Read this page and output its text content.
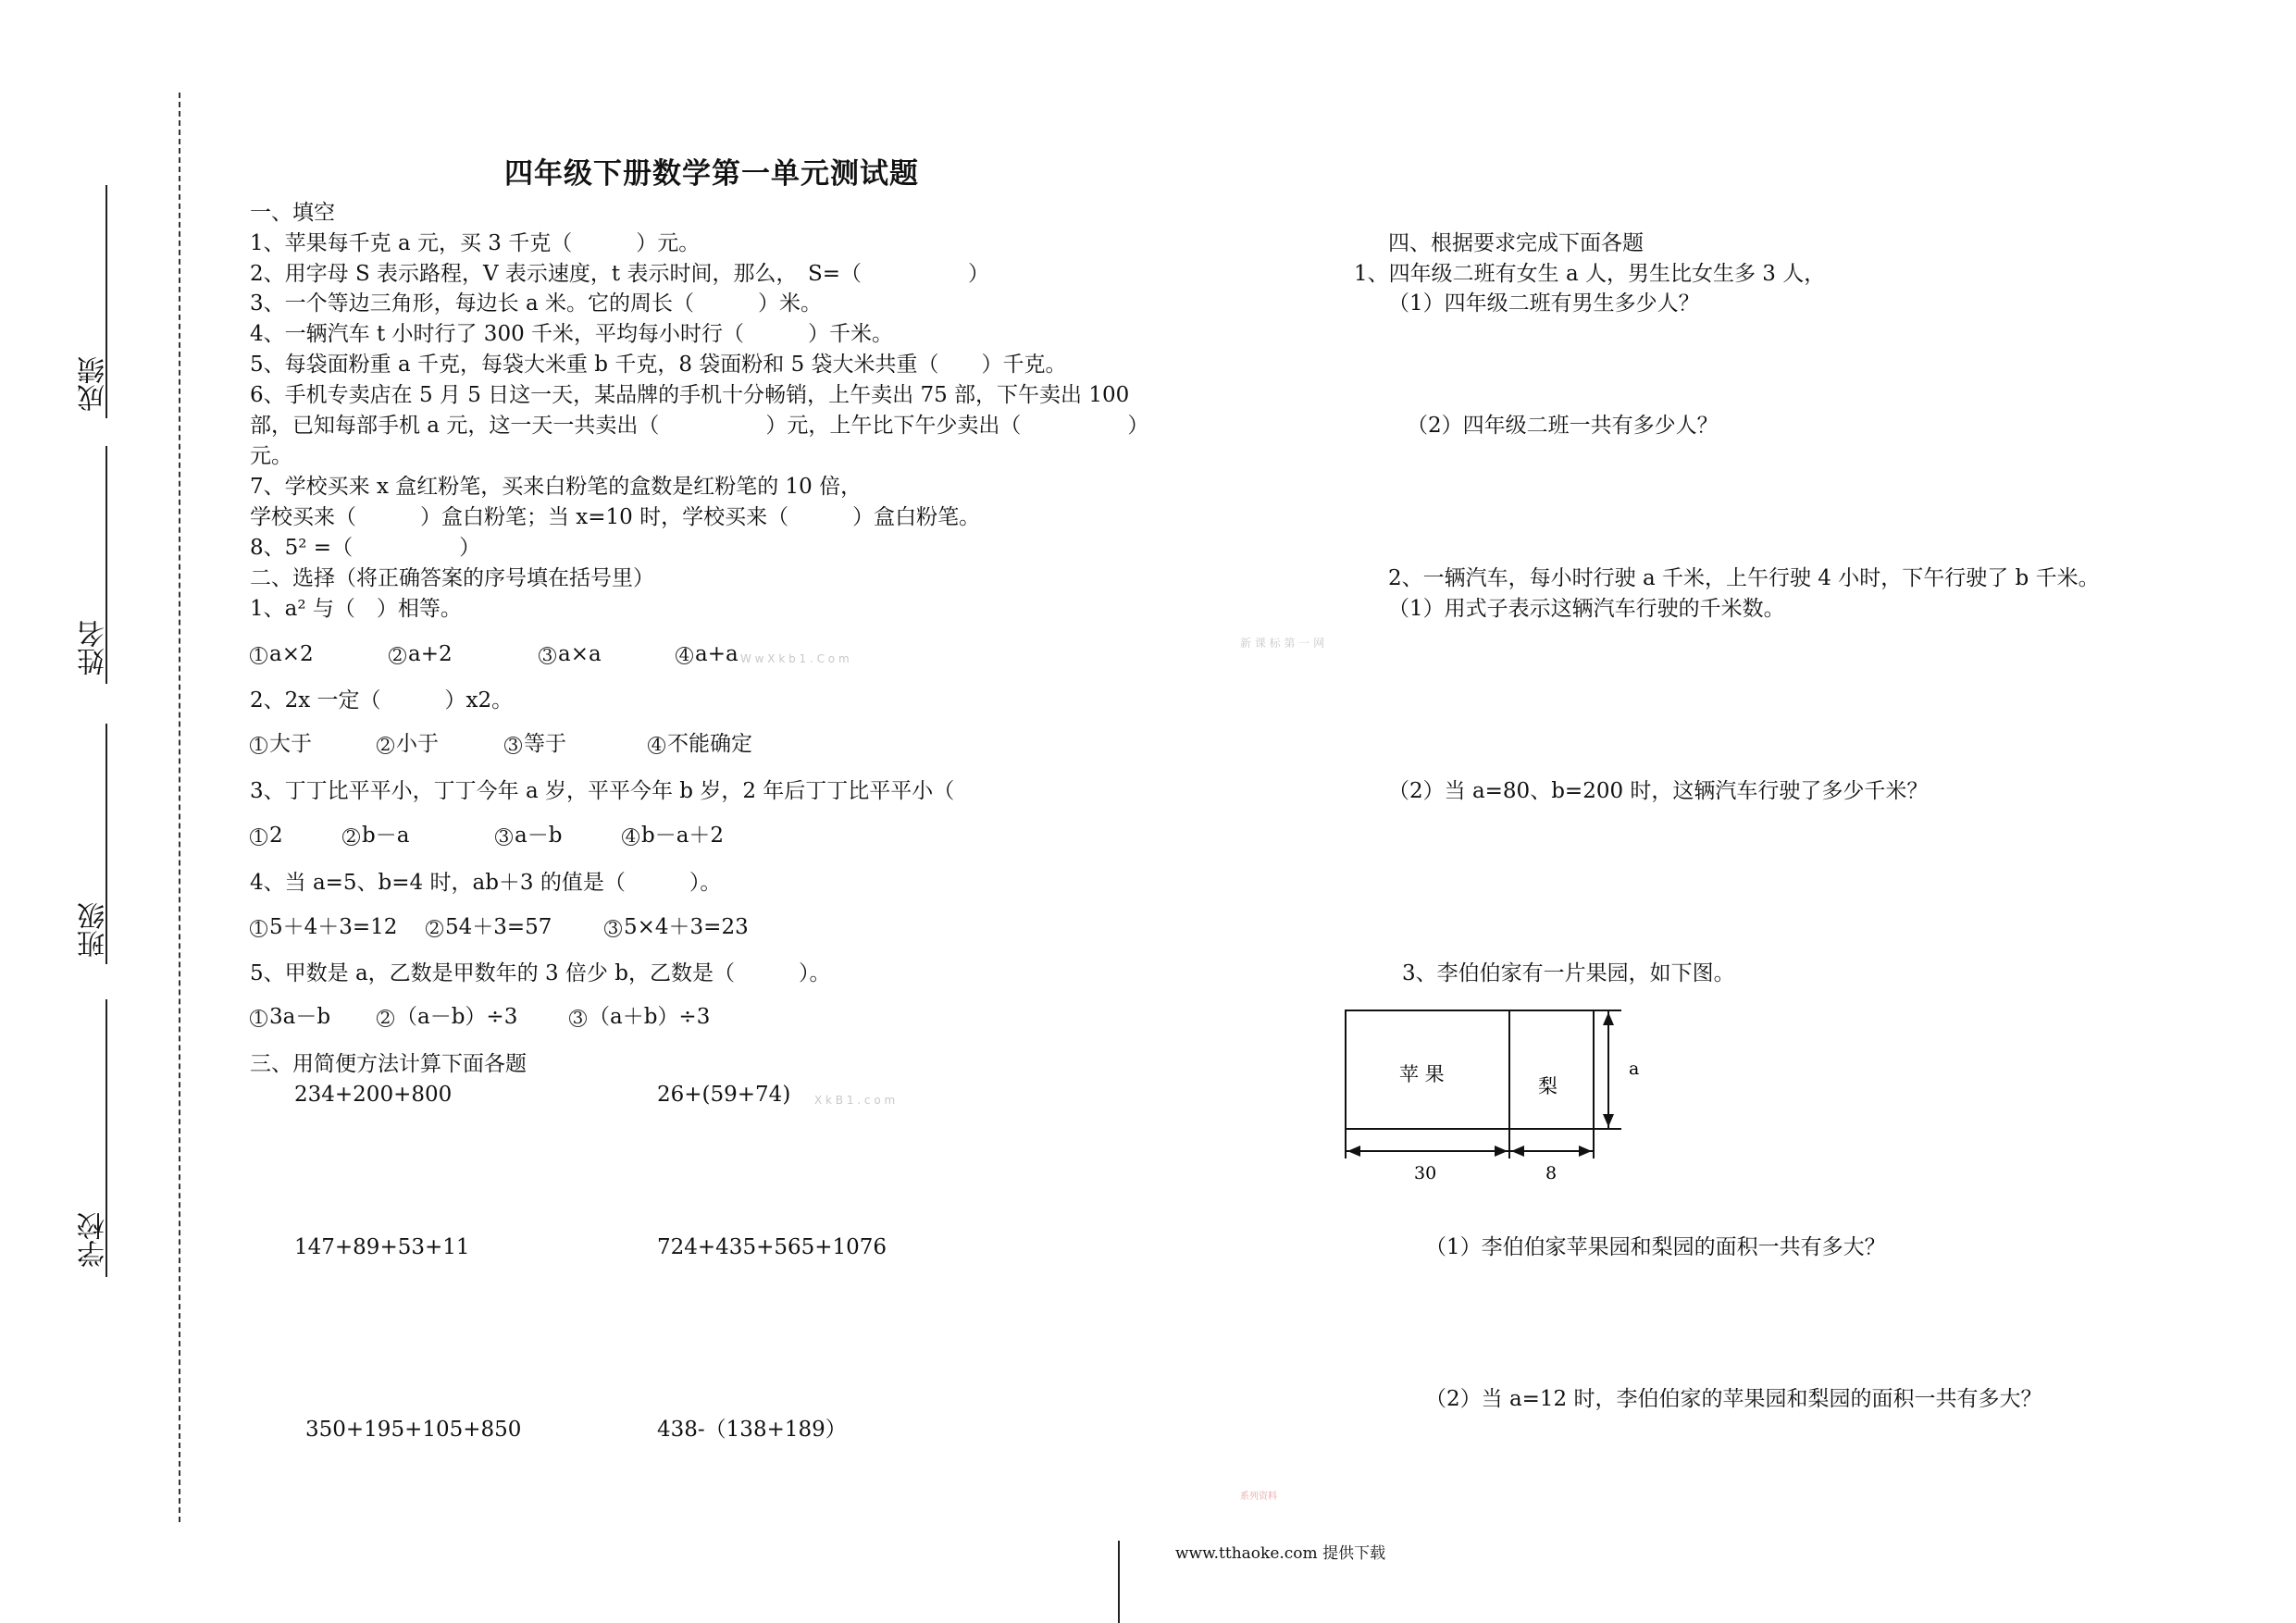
成绩
姓名
班级
学校
四年级下册数学第一单元测试题
一、填空
1、苹果每千克 a 元，买 3 千克（　　　）元。
2、用字母 S 表示路程，V 表示速度，t 表示时间，那么，　S=（　　　　　）
3、一个等边三角形，每边长 a 米。它的周长（　　　）米。
4、一辆汽车 t 小时行了 300 千米，平均每小时行（　　　）千米。
5、每袋面粉重 a 千克，每袋大米重 b 千克，8 袋面粉和 5 袋大米共重（　　）千克。
6、手机专卖店在 5 月 5 日这一天，某品牌的手机十分畅销，上午卖出 75 部，下午卖出 100
部，已知每部手机 a 元，这一天一共卖出（　　　　　）元，上午比下午少卖出（　　　　　）
元。
7、学校买来 x 盒红粉笔，买来白粉笔的盒数是红粉笔的 10 倍，
学校买来（　　　）盒白粉笔；当 x=10 时，学校买来（　　　）盒白粉笔。
8、5² =（　　　　　）
二、选择（将正确答案的序号填在括号里）
1、a² 与（　）相等。
1 a×2	2 a+2	3 a×a	4 a+a
2、2x 一定（　　　）x2。
1 大于	2 小于	3 等于	4 不能确定
3、丁丁比平平小，丁丁今年 a 岁，平平今年 b 岁，2 年后丁丁比平平小（
1 2	2 b－a	3 a－b	4 b－a＋2
4、当 a=5、b=4 时，ab＋3 的值是（　　　）。
1 5＋4＋3=12 2 54＋3=57	3 5×4＋3=23
5、甲数是 a，乙数是甲数年的 3 倍少 b，乙数是（　　　）。
1 3a－b	2 （a－b）÷3	3 （a＋b）÷3
三、用简便方法计算下面各题
234+200+800	26+(59+74)
147+89+53+11	724+435+565+1076
350+195+105+850	438-（138+189）
四、根据要求完成下面各题
1、四年级二班有女生 a 人，男生比女生多 3 人，
（1）四年级二班有男生多少人？
（2）四年级二班一共有多少人？
2、一辆汽车，每小时行驶 a 千米，上午行驶 4 小时，下午行驶了 b 千米。
（1）用式子表示这辆汽车行驶的千米数。
（2）当 a=80、b=200 时，这辆汽车行驶了多少千米？
3、李伯伯家有一片果园，如下图。
苹 果
梨
a
30	8
（1）李伯伯家苹果园和梨园的面积一共有多大？
（2）当 a=12 时，李伯伯家的苹果园和梨园的面积一共有多大？
W w X k b 1 . C o m
新 课 标 第 一 网
X k B 1 . c o m
系列资料
www.tthaoke.com 提供下载
